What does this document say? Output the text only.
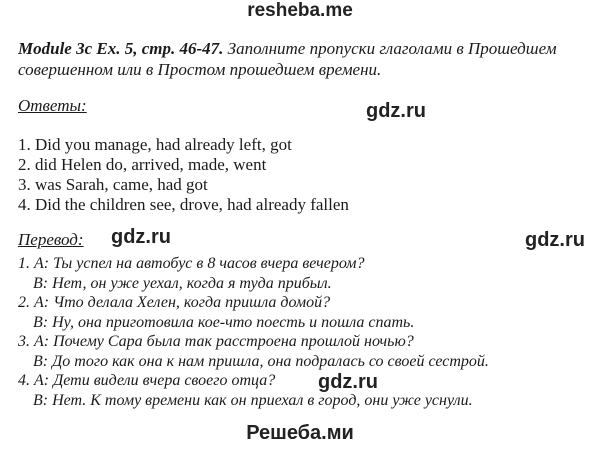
resheba.me
Module 3c Ex. 5, стр. 46-47. Заполните пропуски глаголами в Прошедшем совершенном или в Простом прошедшем времени.
Ответы:	gdz.ru
1. Did you manage, had already left, got
2. did Helen do, arrived, made, went
3. was Sarah, came, had got
4. Did the children see, drove, had already fallen
Перевод: gdz.ru	gdz.ru
1. А: Ты успел на автобус в 8 часов вчера вечером?
В: Нет, он уже уехал, когда я туда прибыл.
2. А: Что делала Хелен, когда пришла домой?
В: Ну, она приготовила кое-что поесть и пошла спать.
3. А: Почему Сара была так расстроена прошлой ночью?
В: До того как она к нам пришла, она подралась со своей сестрой.
4. А: Дети видели вчера своего отца?
В: Нет. К тому времени как он приехал в город, они уже уснули.
gdz.ru
Решеба.ми
